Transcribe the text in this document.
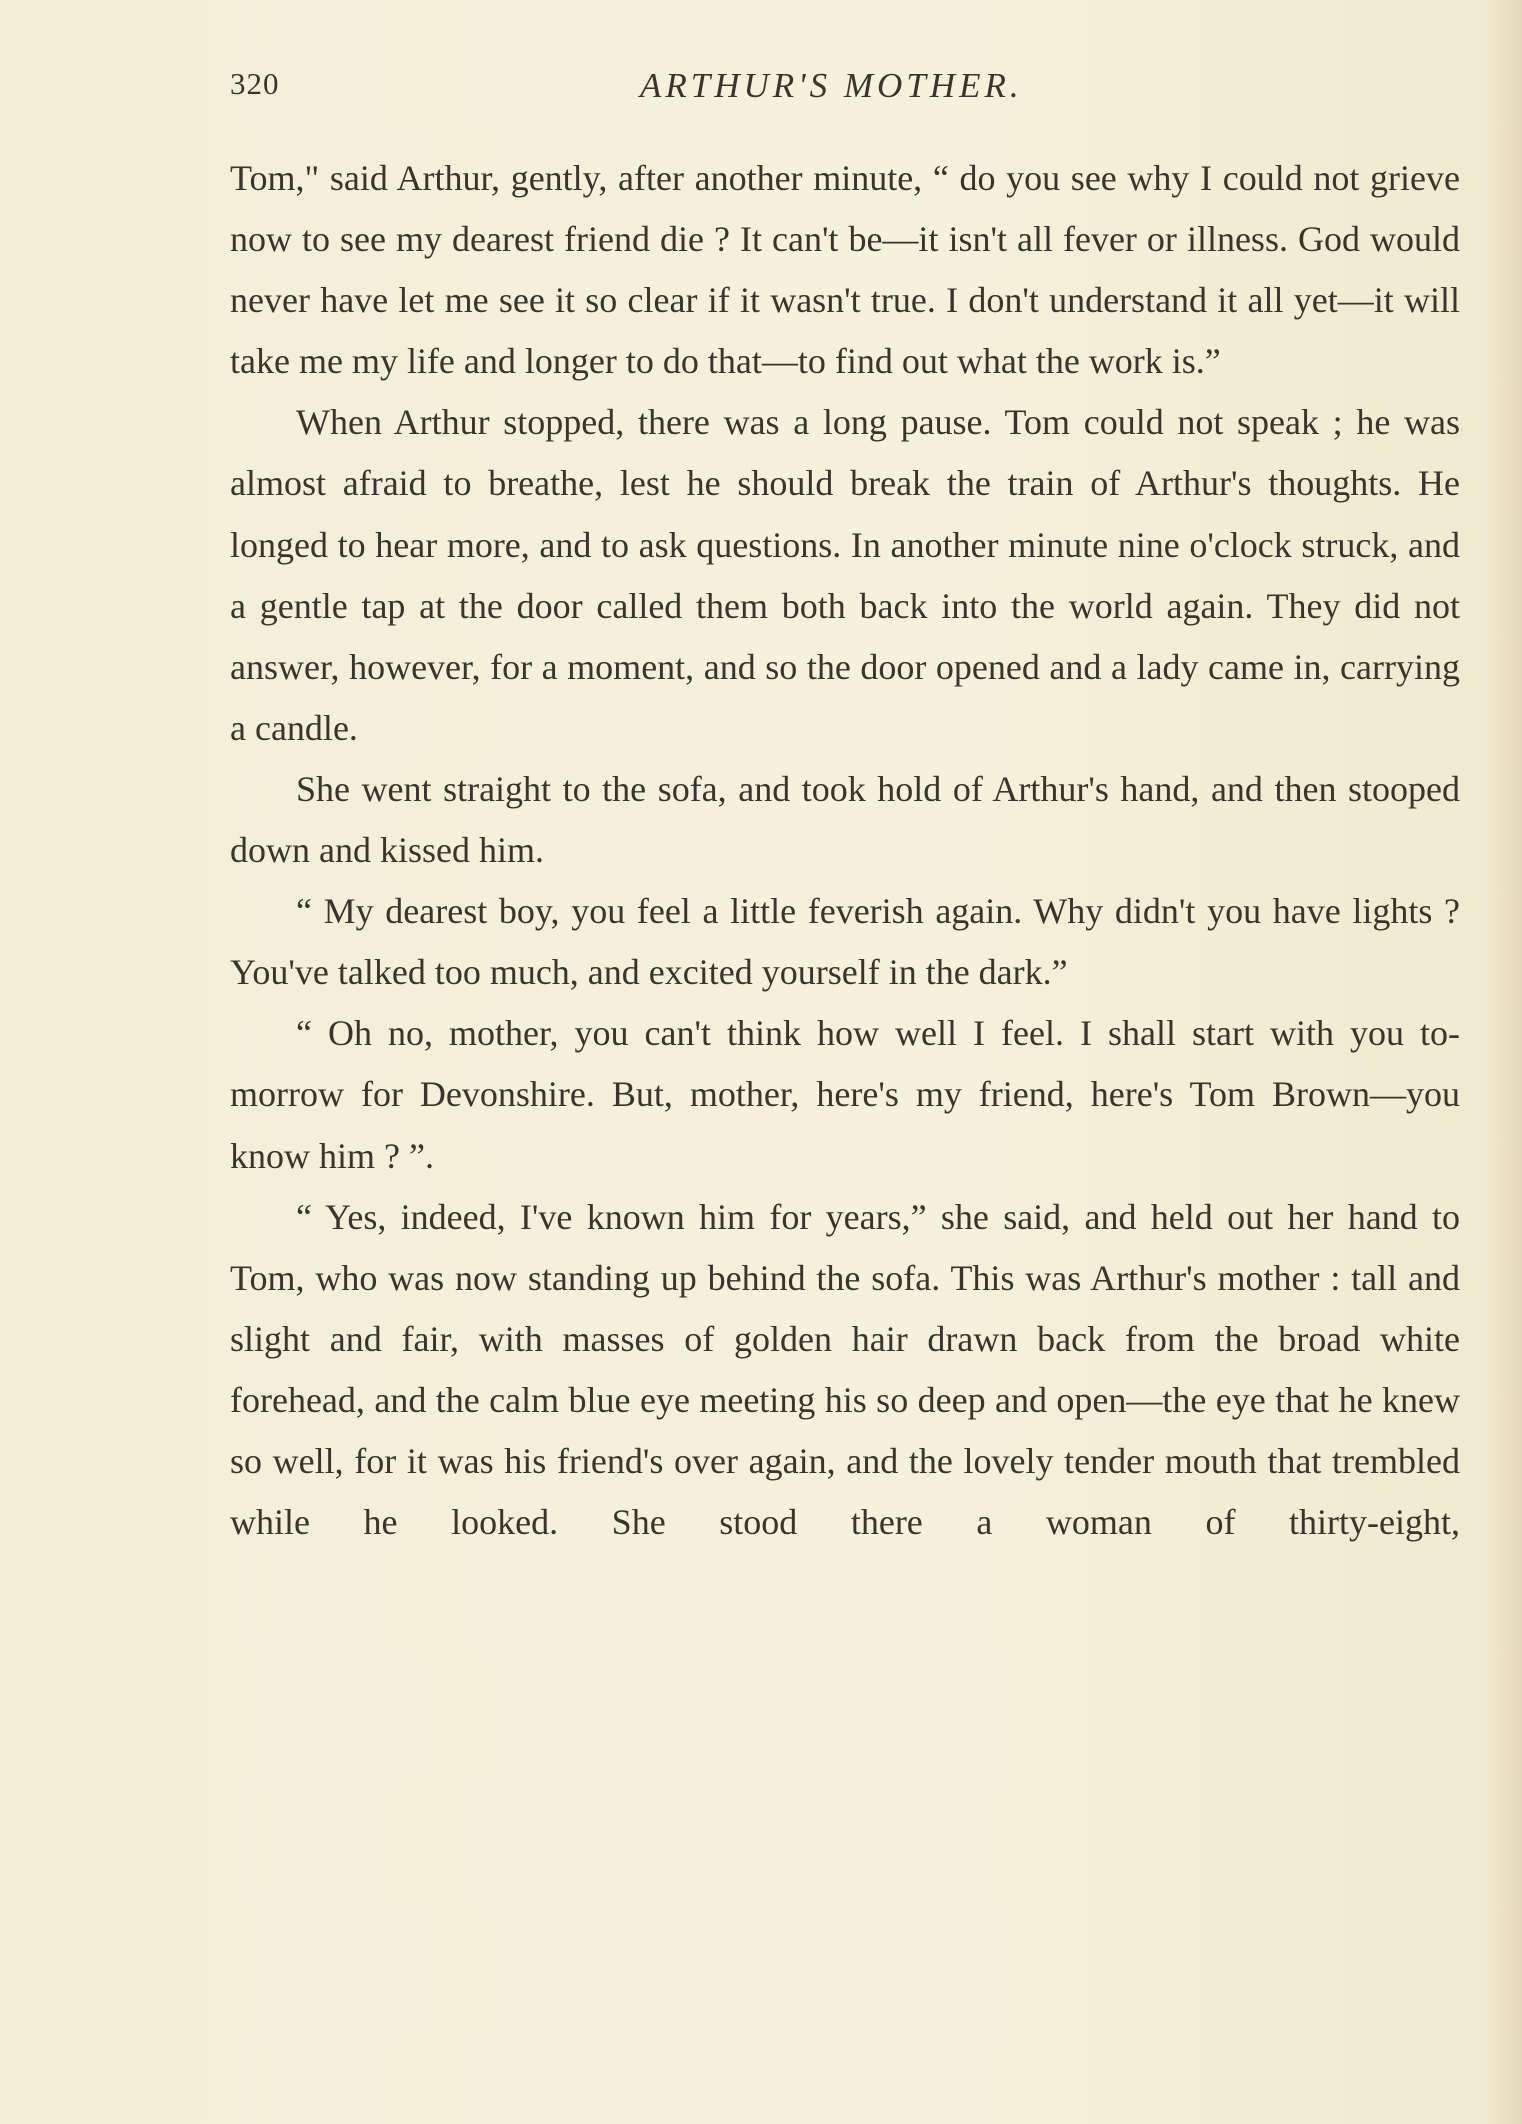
320	ARTHUR'S MOTHER.

Tom," said Arthur, gently, after another minute, “ do you see why I could not grieve now to see my dearest friend die ? It can't be—it isn't all fever or illness. God would never have let me see it so clear if it wasn't true. I don't understand it all yet—it will take me my life and longer to do that—to find out what the work is.”

When Arthur stopped, there was a long pause. Tom could not speak ; he was almost afraid to breathe, lest he should break the train of Arthur's thoughts. He longed to hear more, and to ask questions. In another minute nine o'clock struck, and a gentle tap at the door called them both back into the world again. They did not answer, however, for a moment, and so the door opened and a lady came in, carrying a candle.

She went straight to the sofa, and took hold of Arthur's hand, and then stooped down and kissed him.

“ My dearest boy, you feel a little feverish again. Why didn't you have lights ? You've talked too much, and excited yourself in the dark.”

“ Oh no, mother, you can't think how well I feel. I shall start with you to-morrow for Devonshire. But, mother, here's my friend, here's Tom Brown—you know him ? ”.

“ Yes, indeed, I've known him for years,” she said, and held out her hand to Tom, who was now standing up behind the sofa. This was Arthur's mother : tall and slight and fair, with masses of golden hair drawn back from the broad white forehead, and the calm blue eye meeting his so deep and open—the eye that he knew so well, for it was his friend's over again, and the lovely tender mouth that trembled while he looked. She stood there a woman of thirty-eight,
